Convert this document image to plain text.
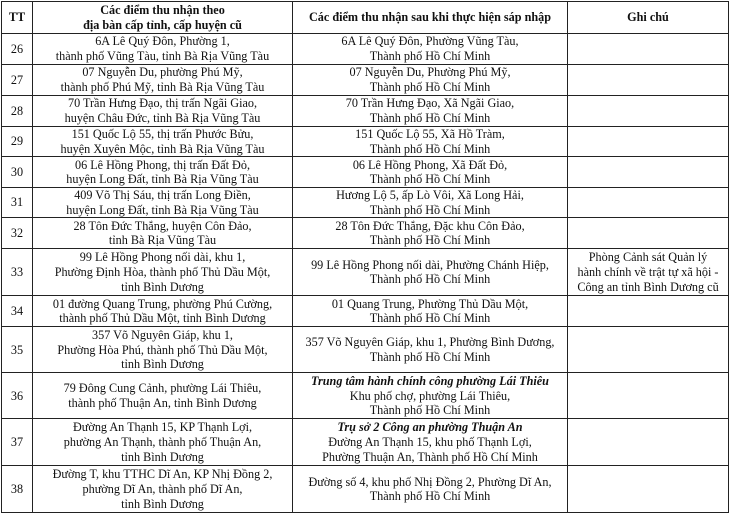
TT	Các điểm thu nhận theo
địa bàn cấp tỉnh, cấp huyện cũ	Các điểm thu nhận sau khi thực hiện sáp nhập	Ghi chú
26	6A Lê Quý Đôn, Phường 1,
thành phố Vũng Tàu, tỉnh Bà Rịa Vũng Tàu	6A Lê Quý Đôn, Phường Vũng Tàu,
Thành phố Hồ Chí Minh	

27	07 Nguyễn Du, phường Phú Mỹ,
thành phố Phú Mỹ, tỉnh Bà Rịa Vũng Tàu	07 Nguyễn Du, Phường Phú Mỹ,
Thành phố Hồ Chí Minh	

28	70 Trần Hưng Đạo, thị trấn Ngãi Giao,
huyện Châu Đức, tỉnh Bà Rịa Vũng Tàu	70 Trần Hưng Đạo, Xã Ngãi Giao,
Thành phố Hồ Chí Minh	

29	151 Quốc Lộ 55, thị trấn Phước Bửu,
huyện Xuyên Mộc, tỉnh Bà Rịa Vũng Tàu	151 Quốc Lộ 55, Xã Hồ Tràm,
Thành phố Hồ Chí Minh	

30	06 Lê Hồng Phong, thị trấn Đất Đỏ,
huyện Long Đất, tỉnh Bà Rịa Vũng Tàu	06 Lê Hồng Phong, Xã Đất Đỏ,
Thành phố Hồ Chí Minh	

31	409 Võ Thị Sáu, thị trấn Long Điền,
huyện Long Đất, tỉnh Bà Rịa Vũng Tàu	Hương Lộ 5, ấp Lò Vôi, Xã Long Hải,
Thành phố Hồ Chí Minh	

32	28 Tôn Đức Thắng, huyện Côn Đảo,
tỉnh Bà Rịa Vũng Tàu	28 Tôn Đức Thắng, Đặc khu Côn Đảo,
Thành phố Hồ Chí Minh	

33	99 Lê Hồng Phong nối dài, khu 1,
Phường Định Hòa, thành phố Thủ Dầu Một,
tỉnh Bình Dương	99 Lê Hồng Phong nối dài, Phường Chánh Hiệp,
Thành phố Hồ Chí Minh	Phòng Cảnh sát Quản lý
hành chính về trật tự xã hội -
Công an tỉnh Bình Dương cũ

34	01 đường Quang Trung, phường Phú Cường,
thành phố Thủ Dầu Một, tỉnh Bình Dương	01 Quang Trung, Phường Thủ Dầu Một,
Thành phố Hồ Chí Minh	

35	357 Võ Nguyên Giáp, khu 1,
Phường Hòa Phú, thành phố Thủ Dầu Một,
tỉnh Bình Dương	357 Võ Nguyên Giáp, khu 1, Phường Bình Dương,
Thành phố Hồ Chí Minh	

36	79 Đông Cung Cảnh, phường Lái Thiêu,
thành phố Thuận An, tỉnh Bình Dương	Trung tâm hành chính công phường Lái Thiêu
Khu phố chợ, phường Lái Thiêu,
Thành phố Hồ Chí Minh	

37	Đường An Thạnh 15, KP Thạnh Lợi,
phường An Thạnh, thành phố Thuận An,
tỉnh Bình Dương	Trụ sở 2 Công an phường Thuận An
Đường An Thạnh 15, khu phố Thạnh Lợi,
Phường Thuận An, Thành phố Hồ Chí Minh	

38	Đường T, khu TTHC Dĩ An, KP Nhị Đồng 2,
phường Dĩ An, thành phố Dĩ An,
tỉnh Bình Dương	Đường số 4, khu phố Nhị Đồng 2, Phường Dĩ An,
Thành phố Hồ Chí Minh	
